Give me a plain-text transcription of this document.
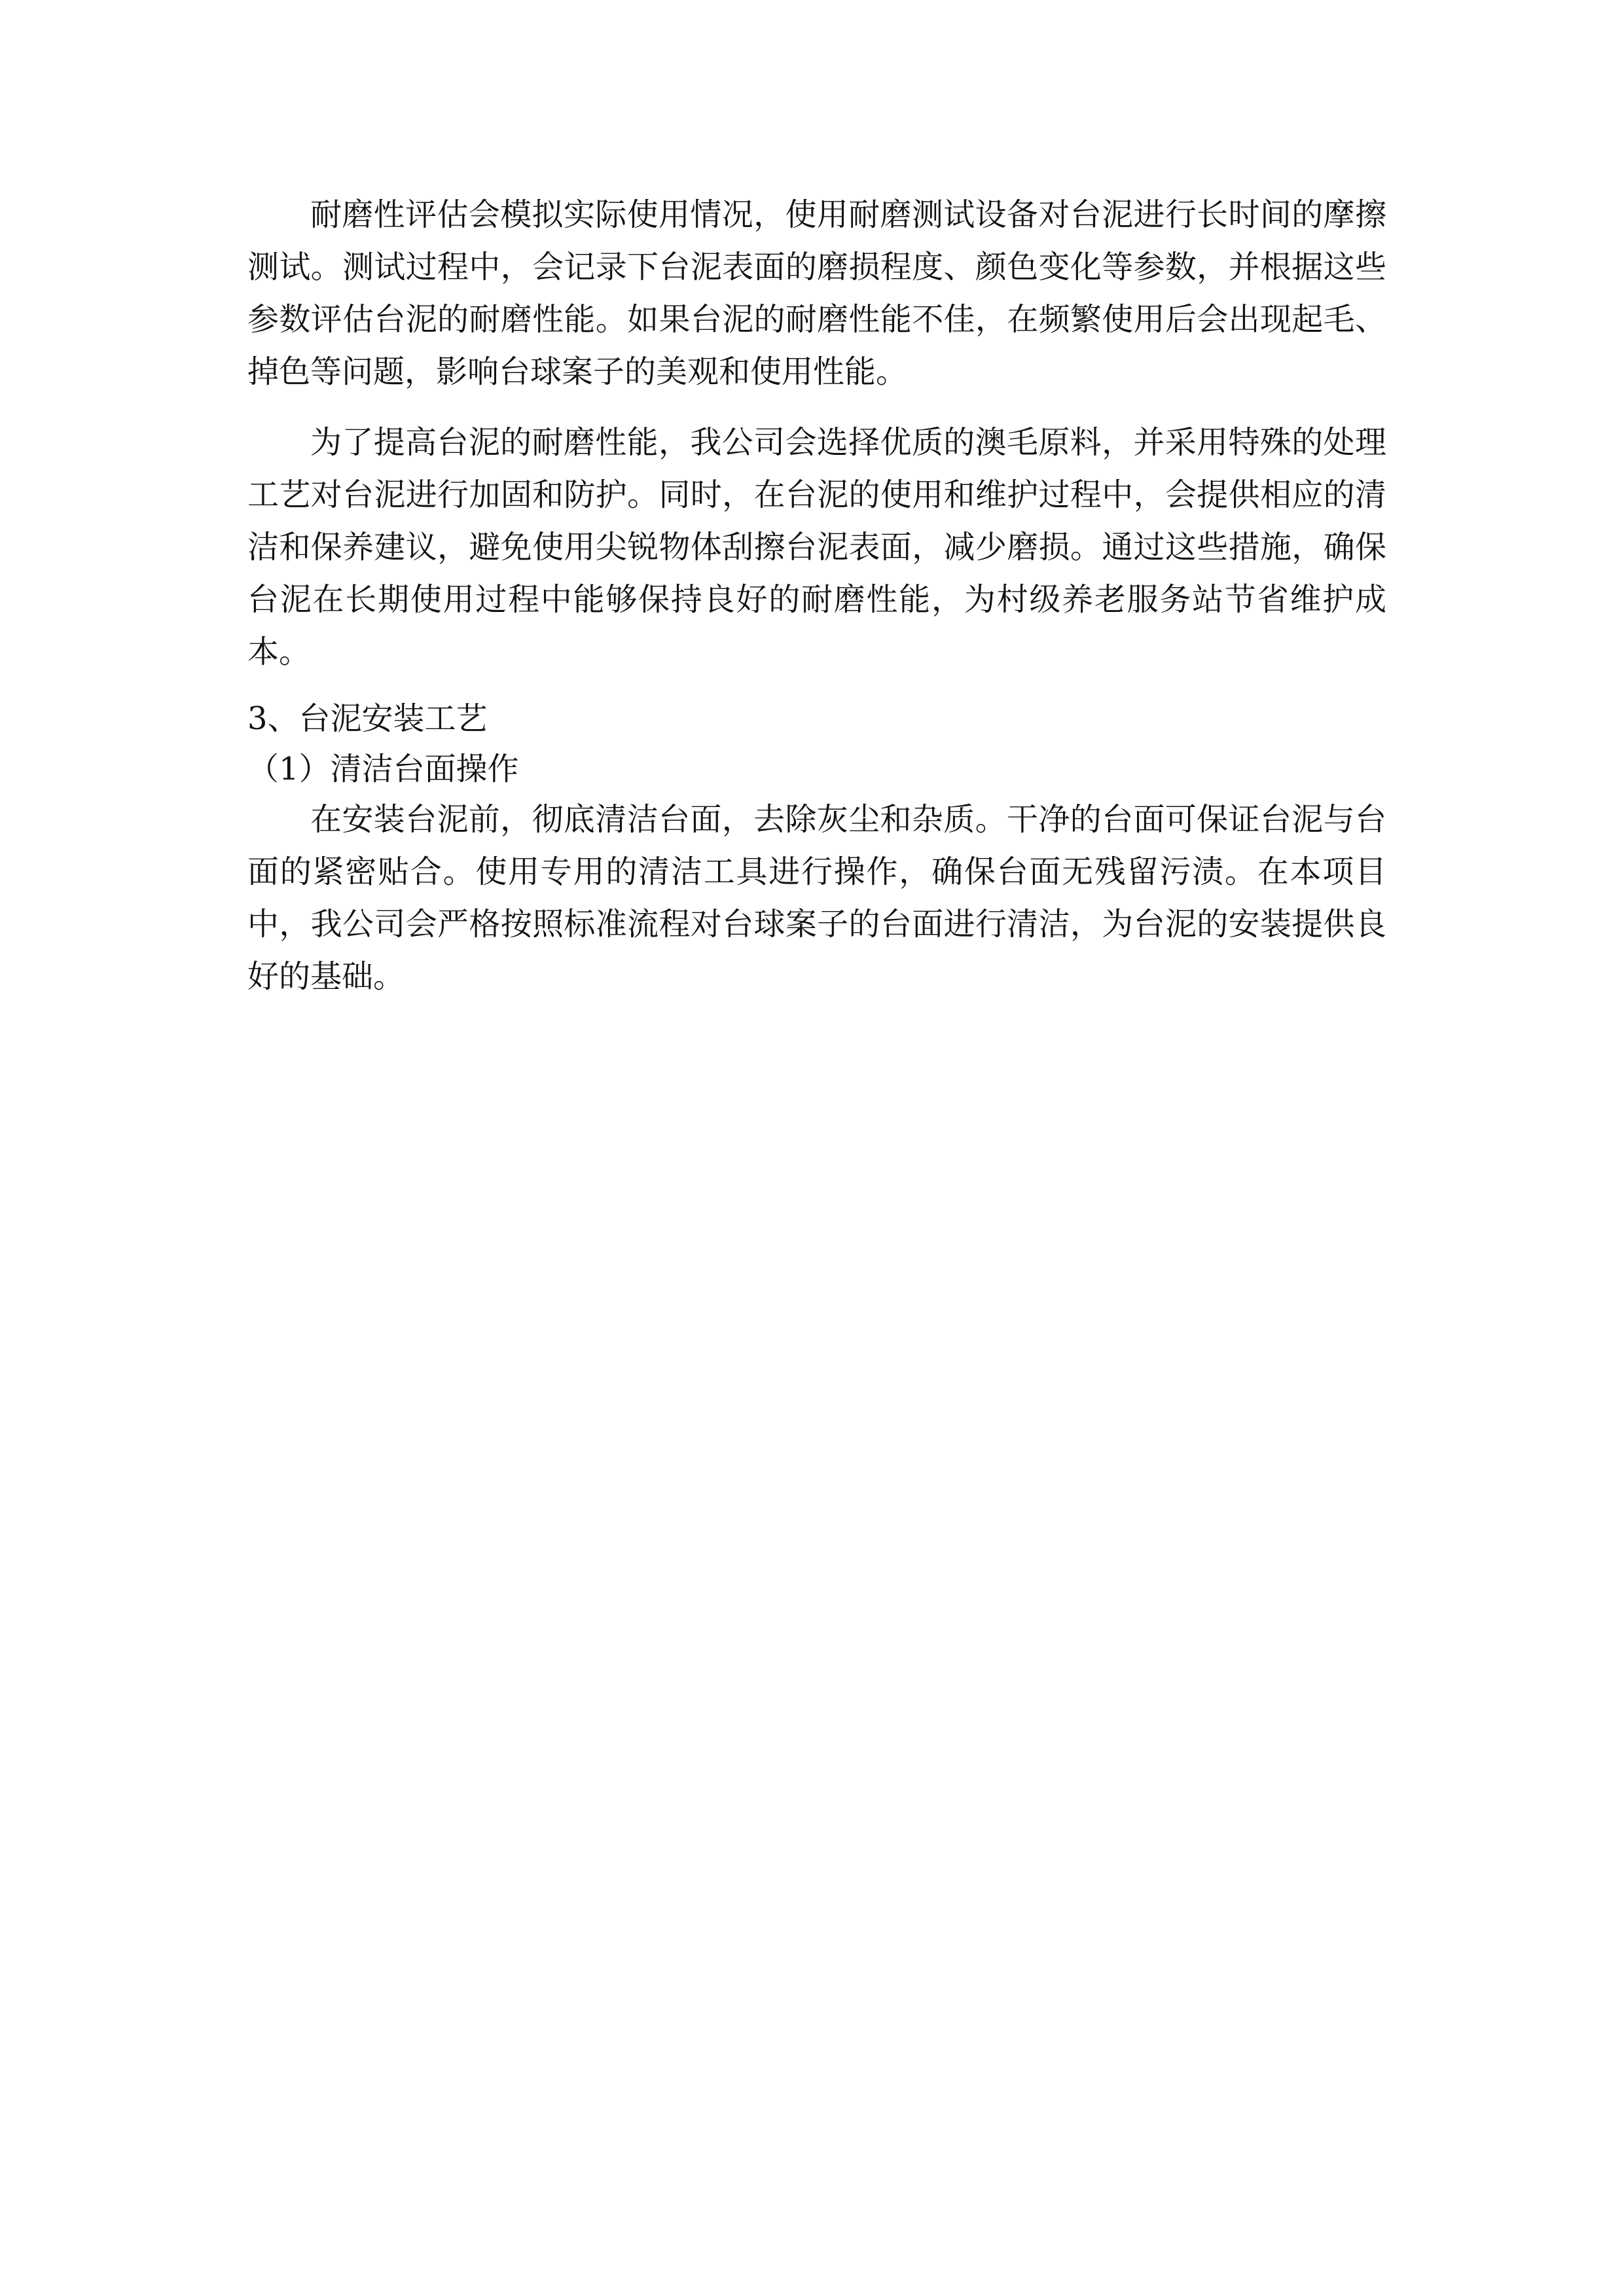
耐磨性评估会模拟实际使用情况，使用耐磨测试设备对台泥进行长时间的摩擦测试。测试过程中，会记录下台泥表面的磨损程度、颜色变化等参数，并根据这些参数评估台泥的耐磨性能。如果台泥的耐磨性能不佳，在频繁使用后会出现起毛、掉色等问题，影响台球案子的美观和使用性能。

为了提高台泥的耐磨性能，我公司会选择优质的澳毛原料，并采用特殊的处理工艺对台泥进行加固和防护。同时，在台泥的使用和维护过程中，会提供相应的清洁和保养建议，避免使用尖锐物体刮擦台泥表面，减少磨损。通过这些措施，确保台泥在长期使用过程中能够保持良好的耐磨性能，为村级养老服务站节省维护成本。

3、台泥安装工艺

（1）清洁台面操作

在安装台泥前，彻底清洁台面，去除灰尘和杂质。干净的台面可保证台泥与台面的紧密贴合。使用专用的清洁工具进行操作，确保台面无残留污渍。在本项目中，我公司会严格按照标准流程对台球案子的台面进行清洁，为台泥的安装提供良好的基础。
